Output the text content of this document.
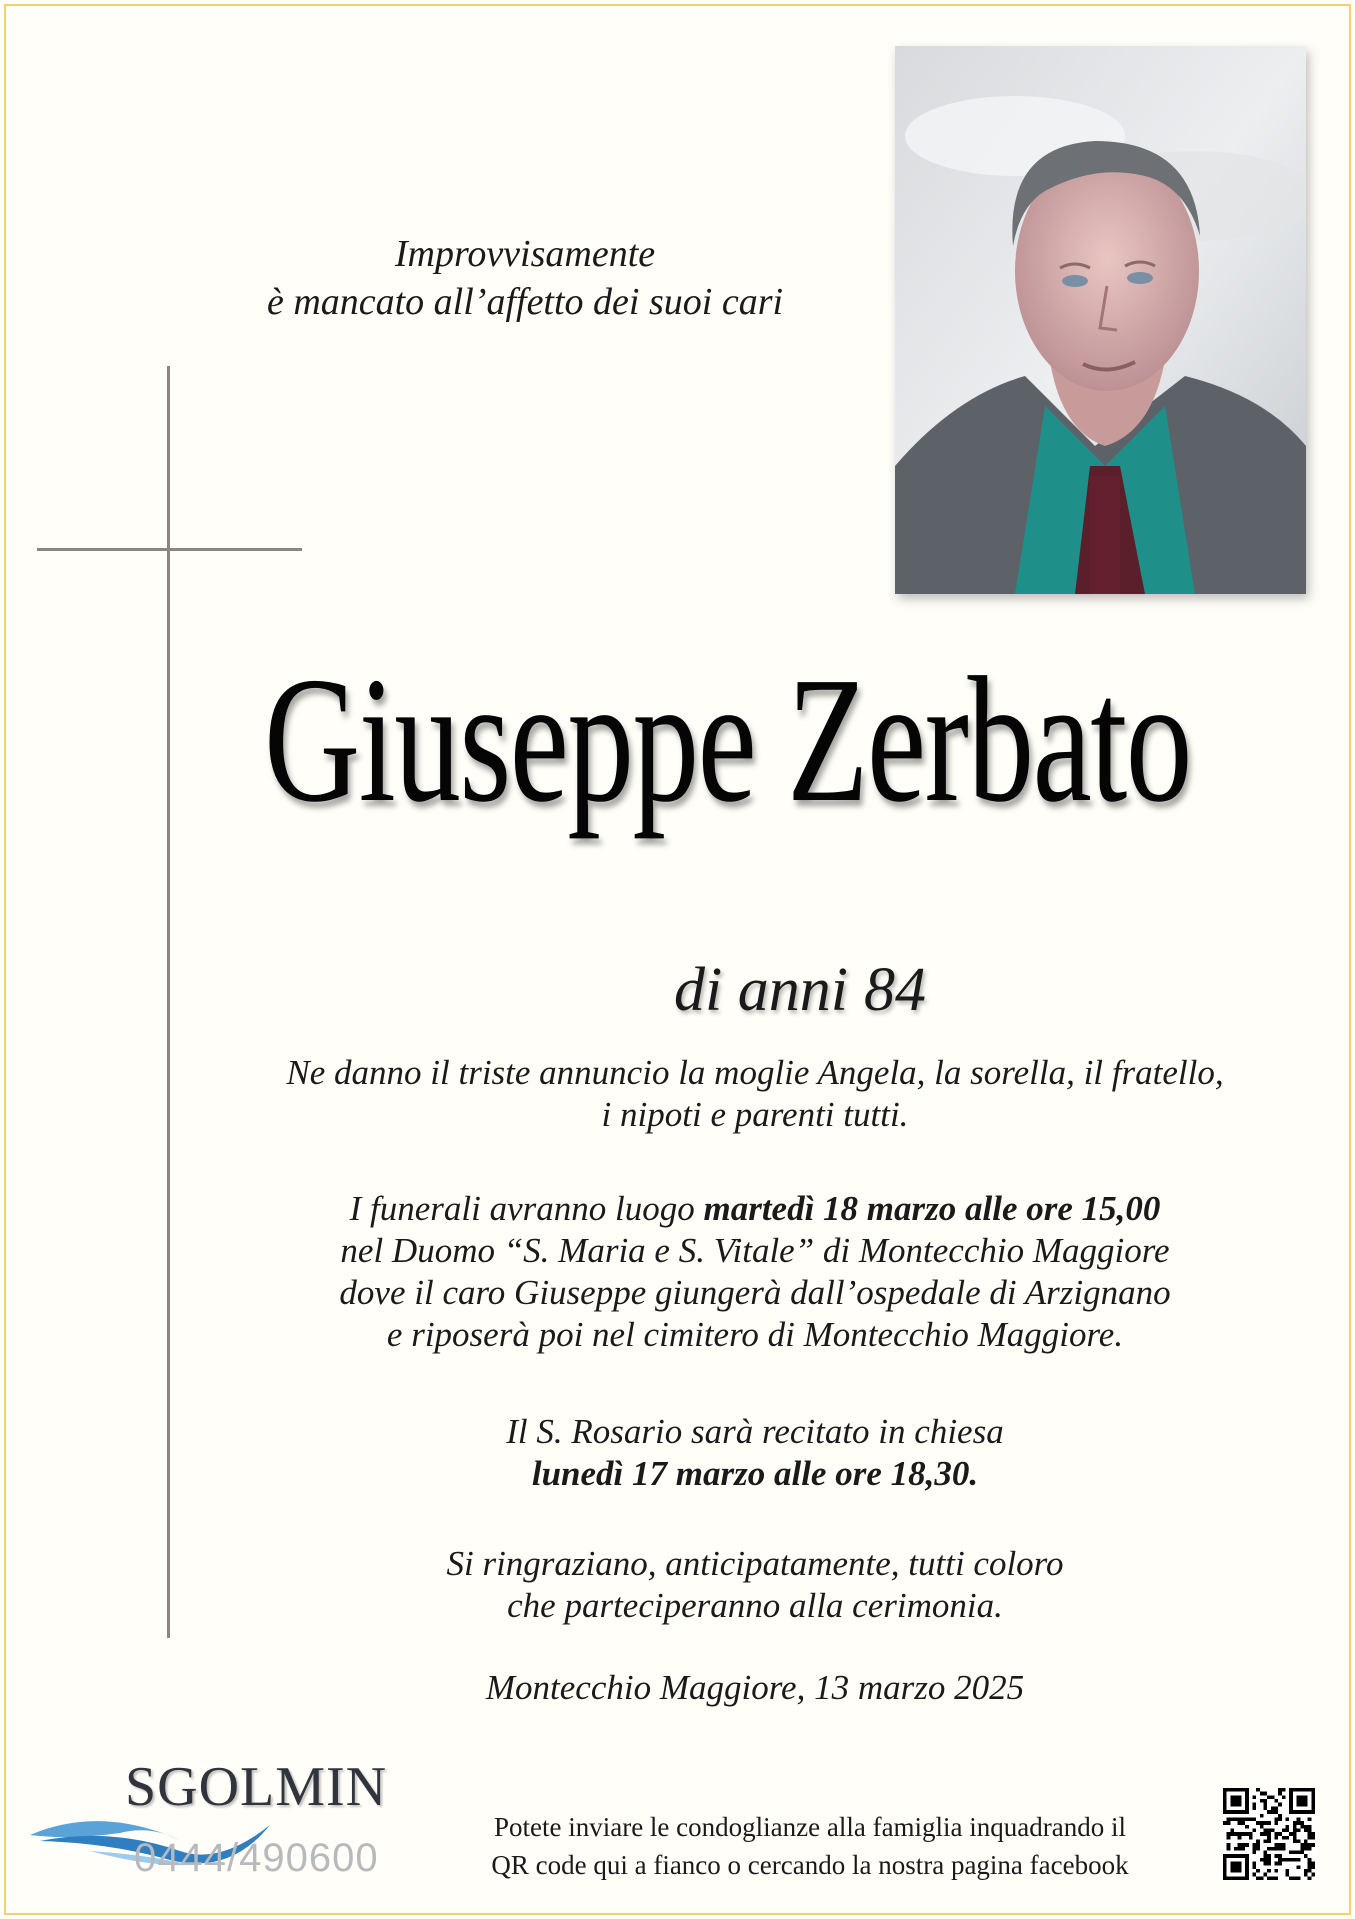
Improvvisamente
è mancato all’affetto dei suoi cari
Giuseppe Zerbato
di anni 84
Ne danno il triste annuncio la moglie Angela, la sorella, il fratello,
i nipoti e parenti tutti.
I funerali avranno luogo martedì 18 marzo alle ore 15,00
nel Duomo “S. Maria e S. Vitale” di Montecchio Maggiore
dove il caro Giuseppe giungerà dall’ospedale di Arzignano
e riposerà poi nel cimitero di Montecchio Maggiore.
Il S. Rosario sarà recitato in chiesa
lunedì 17 marzo alle ore 18,30.
Si ringraziano, anticipatamente, tutti coloro
che parteciperanno alla cerimonia.
Montecchio Maggiore, 13 marzo 2025
SGOLMIN
0444/490600
Potete inviare le condoglianze alla famiglia inquadrando il
QR code qui a fianco o cercando la nostra pagina facebook
